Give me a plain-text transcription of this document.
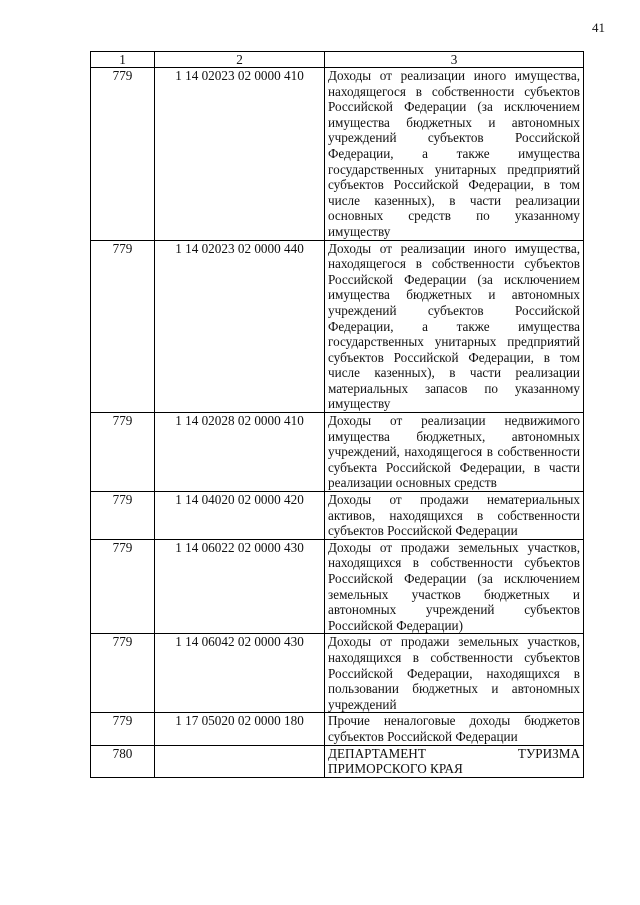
41
1	2	3
779	1 14 02023 02 0000 410	Доходы от реализации иного имущества, находящегося в собственности субъектов Российской Федерации (за исключением имущества бюджетных и автономных учреждений субъектов Российской Федерации, а также имущества государственных унитарных предприятий субъектов Российской Федерации, в том числе казенных), в части реализации основных средств по указанному имуществу
779	1 14 02023 02 0000 440	Доходы от реализации иного имущества, находящегося в собственности субъектов Российской Федерации (за исключением имущества бюджетных и автономных учреждений субъектов Российской Федерации, а также имущества государственных унитарных предприятий субъектов Российской Федерации, в том числе казенных), в части реализации материальных запасов по указанному имуществу
779	1 14 02028 02 0000 410	Доходы от реализации недвижимого имущества бюджетных, автономных учреждений, находящегося в собственности субъекта Российской Федерации, в части реализации основных средств
779	1 14 04020 02 0000 420	Доходы от продажи нематериальных активов, находящихся в собственности субъектов Российской Федерации
779	1 14 06022 02 0000 430	Доходы от продажи земельных участков, находящихся в собственности субъектов Российской Федерации (за исключением земельных участков бюджетных и автономных учреждений субъектов Российской Федерации)
779	1 14 06042 02 0000 430	Доходы от продажи земельных участков, находящихся в собственности субъектов Российской Федерации, находящихся в пользовании бюджетных и автономных учреждений
779	1 17 05020 02 0000 180	Прочие неналоговые доходы бюджетов субъектов Российской Федерации
780		ДЕПАРТАМЕНТ ТУРИЗМА ПРИМОРСКОГО КРАЯ
